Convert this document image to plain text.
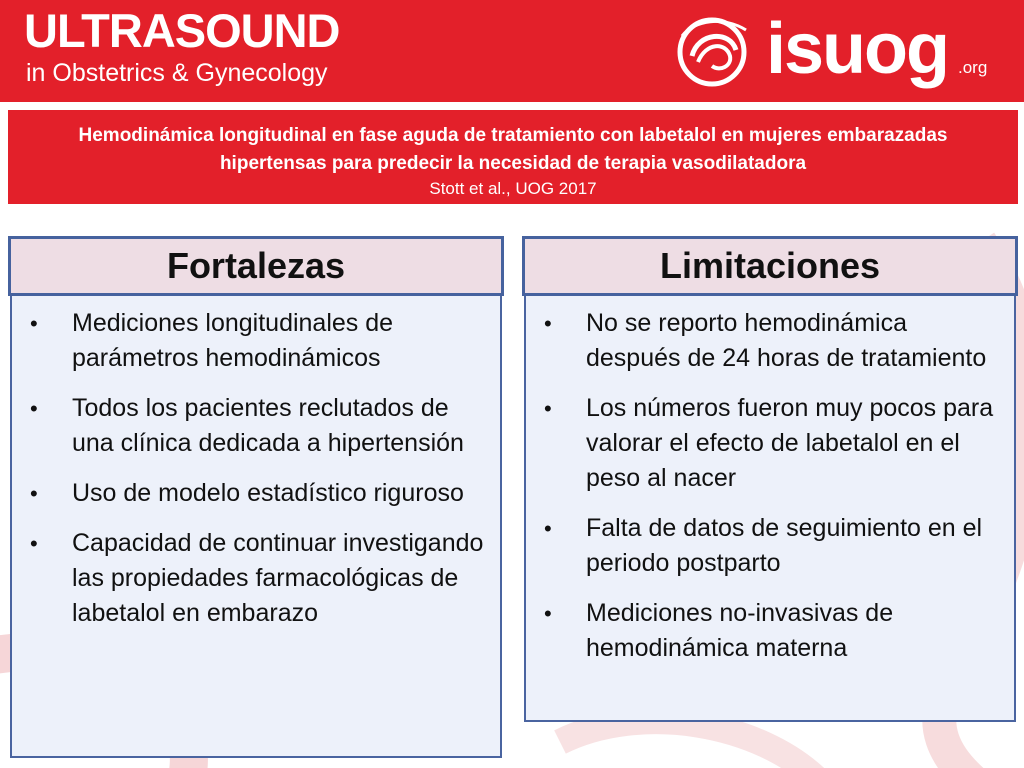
ULTRASOUND
in Obstetrics & Gynecology	isuog .org
Hemodinámica longitudinal en fase aguda de tratamiento con labetalol en mujeres embarazadas hipertensas para predecir la necesidad de terapia vasodilatadora
Stott et al., UOG 2017
Fortalezas
• Mediciones longitudinales de parámetros hemodinámicos
• Todos los pacientes reclutados de una clínica dedicada a hipertensión
• Uso de modelo estadístico riguroso
• Capacidad de continuar investigando las propiedades farmacológicas de labetalol en embarazo
Limitaciones
• No se reporto hemodinámica después de 24 horas de tratamiento
• Los números fueron muy pocos para valorar el efecto de labetalol en el peso al nacer
• Falta de datos de seguimiento en el periodo postparto
• Mediciones no-invasivas de hemodinámica materna
